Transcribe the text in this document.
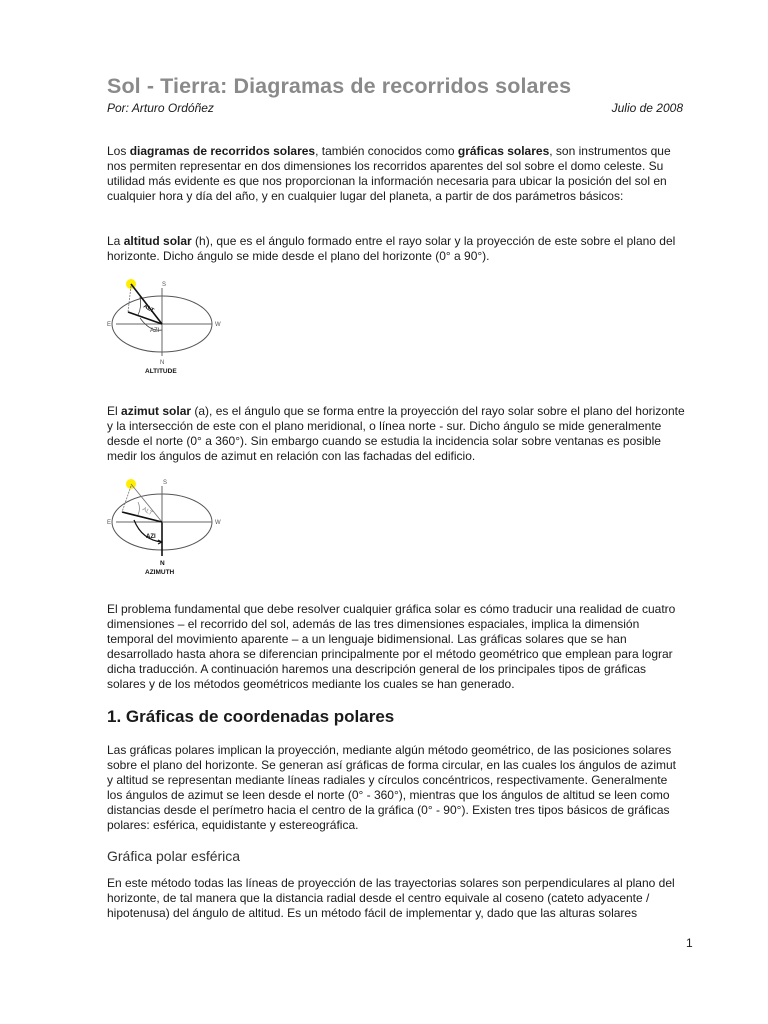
Sol - Tierra: Diagramas de recorridos solares
Por: Arturo Ordóñez	Julio de 2008

Los diagramas de recorridos solares, también conocidos como gráficas solares, son instrumentos que nos permiten representar en dos dimensiones los recorridos aparentes del sol sobre el domo celeste. Su utilidad más evidente es que nos proporcionan la información necesaria para ubicar la posición del sol en cualquier hora y día del año, y en cualquier lugar del planeta, a partir de dos parámetros básicos:

La altitud solar (h), que es el ángulo formado entre el rayo solar y la proyección de este sobre el plano del horizonte. Dicho ángulo se mide desde el plano del horizonte (0° a 90°).

ALT
AZI
S
N
E	W
ALTITUDE

El azimut solar (a), es el ángulo que se forma entre la proyección del rayo solar sobre el plano del horizonte y la intersección de este con el plano meridional, o línea norte - sur. Dicho ángulo se mide generalmente desde el norte (0° a 360°). Sin embargo cuando se estudia la incidencia solar sobre ventanas es posible medir los ángulos de azimut en relación con las fachadas del edificio.

ALT
AZI
S
N
E	W
AZIMUTH

El problema fundamental que debe resolver cualquier gráfica solar es cómo traducir una realidad de cuatro dimensiones – el recorrido del sol, además de las tres dimensiones espaciales, implica la dimensión temporal del movimiento aparente – a un lenguaje bidimensional. Las gráficas solares que se han desarrollado hasta ahora se diferencian principalmente por el método geométrico que emplean para lograr dicha traducción. A continuación haremos una descripción general de los principales tipos de gráficas solares y de los métodos geométricos mediante los cuales se han generado.

1. Gráficas de coordenadas polares

Las gráficas polares implican la proyección, mediante algún método geométrico, de las posiciones solares sobre el plano del horizonte. Se generan así gráficas de forma circular, en las cuales los ángulos de azimut y altitud se representan mediante líneas radiales y círculos concéntricos, respectivamente. Generalmente los ángulos de azimut se leen desde el norte (0° - 360°), mientras que los ángulos de altitud se leen como distancias desde el perímetro hacia el centro de la gráfica (0° - 90°). Existen tres tipos básicos de gráficas polares: esférica, equidistante y estereográfica.

Gráfica polar esférica

En este método todas las líneas de proyección de las trayectorias solares son perpendiculares al plano del horizonte, de tal manera que la distancia radial desde el centro equivale al coseno (cateto adyacente / hipotenusa) del ángulo de altitud. Es un método fácil de implementar y, dado que las alturas solares

1
